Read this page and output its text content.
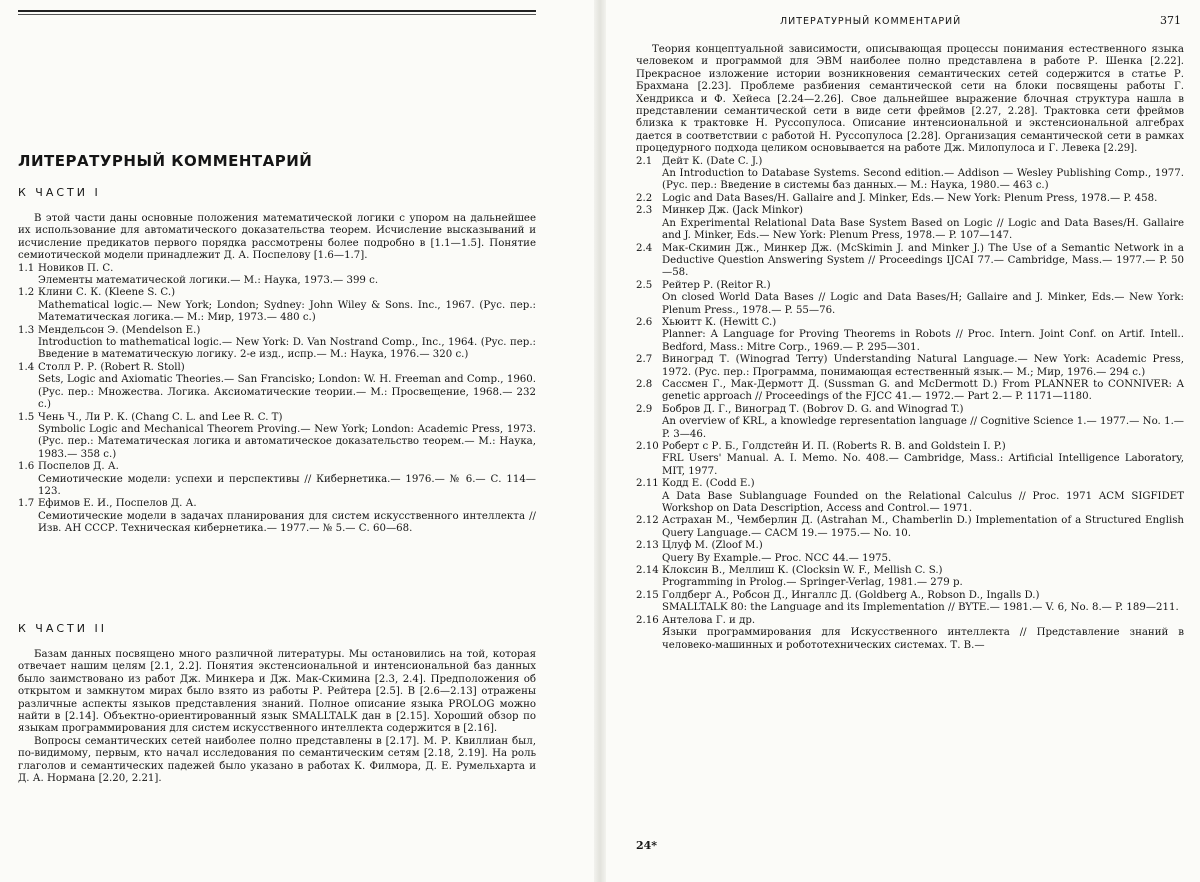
ЛИТЕРАТУРНЫЙ КОММЕНТАРИЙ
К ЧАСТИ I

В этой части даны основные положения математической логики с упором на дальнейшее их использование для автоматического доказательства теорем. Исчисление высказываний и исчисление предикатов первого порядка рассмотрены более подробно в [1.1—1.5]. Понятие семиотической модели принадлежит Д. А. Поспелову [1.6—1.7].

1.1 Новиков П. С.
Элементы математической логики.— М.: Наука, 1973.— 399 с.
1.2 Клини С. К. (Kleene S. C.)
Mathematical logic.— New York; London; Sydney: John Wiley & Sons. Inc., 1967. (Рус. пер.: Математическая логика.— М.: Мир, 1973.— 480 с.)
1.3 Мендельсон Э. (Mendelson E.)
Introduction to mathematical logic.— New York: D. Van Nostrand Comp., Inc., 1964. (Рус. пер.: Введение в математическую логику. 2-е изд., испр.— М.: Наука, 1976.— 320 с.)
1.4 Столл Р. Р. (Robert R. Stoll)
Sets, Logic and Axiomatic Theories.— San Francisko; London: W. H. Freeman and Comp., 1960. (Рус. пер.: Множества. Логика. Аксиоматические теории.— М.: Просвещение, 1968.— 232 с.)
1.5 Чень Ч., Ли Р. К. (Chang C. L. and Lee R. C. T)
Symbolic Logic and Mechanical Theorem Proving.— New York; London: Academic Press, 1973. (Рус. пер.: Математическая логика и автоматическое доказательство теорем.— М.: Наука, 1983.— 358 с.)
1.6 Поспелов Д. А.
Семиотические модели: успехи и перспективы // Кибернетика.— 1976.— № 6.— С. 114—123.
1.7 Ефимов Е. И., Поспелов Д. А.
Семиотические модели в задачах планирования для систем искусственного интеллекта // Изв. АН СССР. Техническая кибернетика.— 1977.— № 5.— С. 60—68.
К ЧАСТИ II

Базам данных посвящено много различной литературы. Мы остановились на той, которая отвечает нашим целям [2.1, 2.2]. Понятия экстенсиональной и интенсиональной баз данных было заимствовано из работ Дж. Минкера и Дж. Мак-Скимина [2.3, 2.4]. Предположения об открытом и замкнутом мирах было взято из работы Р. Рейтера [2.5]. В [2.6—2.13] отражены различные аспекты языков представления знаний. Полное описание языка PROLOG можно найти в [2.14]. Объектно-ориентированный язык SMALLTALK дан в [2.15]. Хороший обзор по языкам программирования для систем искусственного интеллекта содержится в [2.16].

Вопросы семантических сетей наиболее полно представлены в [2.17]. М. Р. Квиллиан был, по-видимому, первым, кто начал исследования по семантическим сетям [2.18, 2.19]. На роль глаголов и семантических падежей было указано в работах К. Филмора, Д. Е. Румельхарта и Д. А. Нормана [2.20, 2.21].

ЛИТЕРАТУРНЫЙ КОММЕНТАРИЙ	371

Теория концептуальной зависимости, описывающая процессы понимания естественного языка человеком и программой для ЭВМ наиболее полно представлена в работе Р. Шенка [2.22]. Прекрасное изложение истории возникновения семантических сетей содержится в статье Р. Брахмана [2.23]. Проблеме разбиения семантической сети на блоки посвящены работы Г. Хендрикса и Ф. Хейеса [2.24—2.26]. Свое дальнейшее выражение блочная структура нашла в представлении семантической сети в виде сети фреймов [2.27, 2.28]. Трактовка сети фреймов близка к трактовке Н. Руссопулоса. Описание интенсиональной и экстенсиональной алгебрах дается в соответствии с работой Н. Руссопулоса [2.28]. Организация семантической сети в рамках процедурного подхода целиком основывается на работе Дж. Милопулоса и Г. Левека [2.29].

2.1 Дейт К. (Date C. J.)
An Introduction to Database Systems. Second edition.— Addison — Wesley Publishing Comp., 1977. (Рус. пер.: Введение в системы баз данных.— М.: Наука, 1980.— 463 с.)
2.2 Logic and Data Bases/H. Gallaire and J. Minker, Eds.— New York: Plenum Press, 1978.— P. 458.
2.3 Минкер Дж. (Jack Minkor)
An Experimental Relational Data Base System Based on Logic // Logic and Data Bases/H. Gallaire and J. Minker, Eds.— New York: Plenum Press, 1978.— P. 107—147.
2.4 Мак-Скимин Дж., Минкер Дж. (McSkimin J. and Minker J.) The Use of a Semantic Network in a Deductive Question Answering System // Proceedings IJCAI 77.— Cambridge, Mass.— 1977.— P. 50—58.
2.5 Рейтер Р. (Reitor R.)
On closed World Data Bases // Logic and Data Bases/H; Gallaire and J. Minker, Eds.— New York: Plenum Press., 1978.— P. 55—76.
2.6 Хьюитт К. (Hewitt C.)
Planner: A Language for Proving Theorems in Robots // Proc. Intern. Joint Conf. on Artif. Intell.. Bedford, Mass.: Mitre Corp., 1969.— P. 295—301.
2.7 Виноград Т. (Winograd Terry) Understanding Natural Language.— New York: Academic Press, 1972. (Рус. пер.: Программа, понимающая естественный язык.— М.; Мир, 1976.— 294 с.)
2.8 Сассмен Г., Мак-Дермотт Д. (Sussman G. and McDermott D.) From PLANNER to CONNIVER: A genetic approach // Proceedings of the FJCC 41.— 1972.— Part 2.— P. 1171—1180.
2.9 Бобров Д. Г., Виноград Т. (Bobrov D. G. and Winograd T.)
An overview of KRL, a knowledge representation language // Cognitive Science 1.— 1977.— No. 1.— P. 3—46.
2.10 Роберт с Р. Б., Голдстейн И. П. (Roberts R. B. and Goldstein I. P.)
FRL Users' Manual. A. I. Memo. No. 408.— Cambridge, Mass.: Artificial Intelligence Laboratory, MIT, 1977.
2.11 Кодд Е. (Codd E.)
A Data Base Sublanguage Founded on the Relational Calculus // Proc. 1971 ACM SIGFIDET Workshop on Data Description, Access and Control.— 1971.
2.12 Астрахан М., Чемберлин Д. (Astrahan M., Chamberlin D.) Implementation of a Structured English Query Language.— CACM 19.— 1975.— No. 10.
2.13 Цлуф М. (Zloof M.)
Query By Example.— Proc. NCC 44.— 1975.
2.14 Клоксин В., Меллиш К. (Clocksin W. F., Mellish C. S.)
Programming in Prolog.— Springer-Verlag, 1981.— 279 p.
2.15 Голдберг А., Робсон Д., Ингаллс Д. (Goldberg A., Robson D., Ingalls D.)
SMALLTALK 80: the Language and its Implementation // BYTE.— 1981.— V. 6, No. 8.— P. 189—211.
2.16 Антелова Г. и др.
Языки программирования для Искусственного интеллекта // Представление знаний в человеко-машинных и робототехнических системах. Т. В.—
24*
